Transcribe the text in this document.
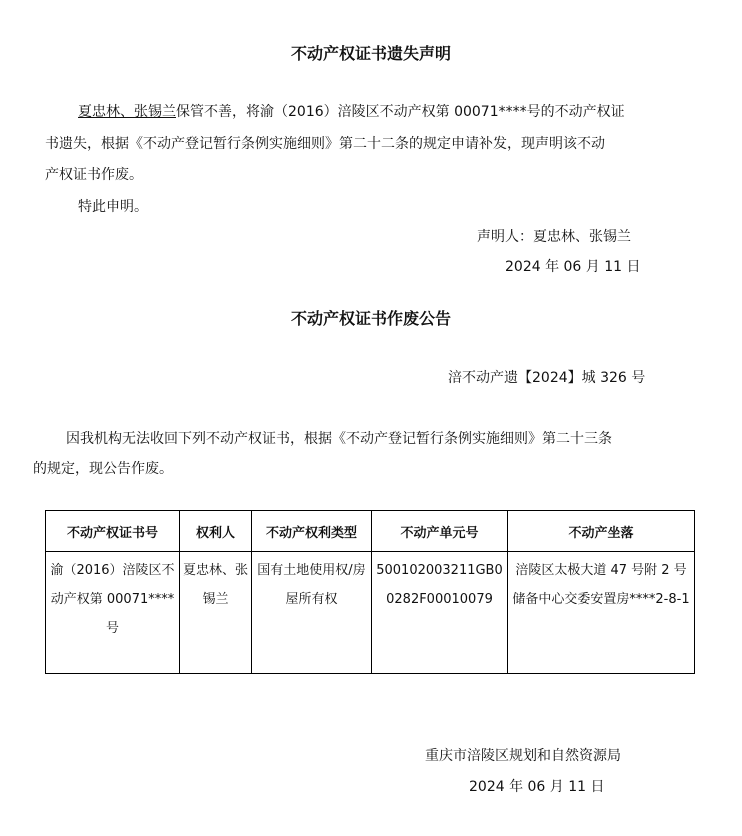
不动产权证书遗失声明
夏忠林、张锡兰保管不善，将渝（2016）涪陵区不动产权第 00071****号的不动产权证
书遗失，根据《不动产登记暂行条例实施细则》第二十二条的规定申请补发，现声明该不动
产权证书作废。
特此申明。
声明人：夏忠林、张锡兰
2024 年 06 月 11 日
不动产权证书作废公告
涪不动产遗【2024】城 326 号
因我机构无法收回下列不动产权证书，根据《不动产登记暂行条例实施细则》第二十三条
的规定，现公告作废。
不动产权证书号	权利人	不动产权利类型	不动产单元号	不动产坐落
渝（2016）涪陵区不动产权第 00071****号	夏忠林、张锡兰	国有土地使用权/房屋所有权	500102003211GB00282F00010079	涪陵区太极大道 47 号附 2 号储备中心交委安置房****2-8-1
重庆市涪陵区规划和自然资源局
2024 年 06 月 11 日
